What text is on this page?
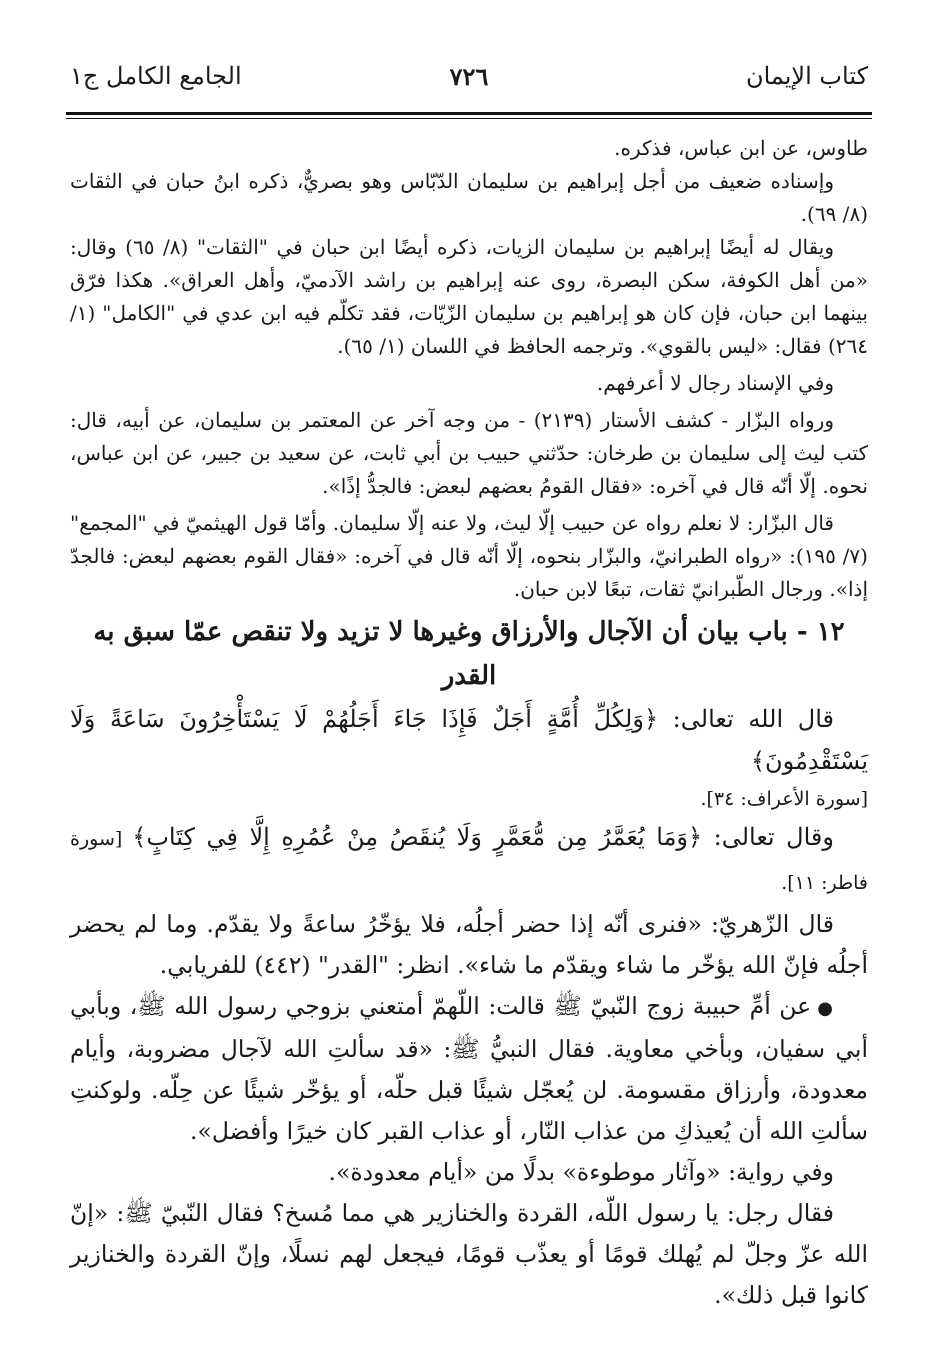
كتاب الإيمان
٧٢٦
الجامع الكامل ج١

طاوس، عن ابن عباس، فذكره.

وإسناده ضعيف من أجل إبراهيم بن سليمان الدّبّاس وهو بصريٌّ، ذكره ابنُ حبان في الثقات (٨/ ٦٩).

ويقال له أيضًا إبراهيم بن سليمان الزيات، ذكره أيضًا ابن حبان في "الثقات" (٨/ ٦٥) وقال: «من أهل الكوفة، سكن البصرة، روى عنه إبراهيم بن راشد الآدميّ، وأهل العراق». هكذا فرّق بينهما ابن حبان، فإن كان هو إبراهيم بن سليمان الزّيّات، فقد تكلّم فيه ابن عدي في "الكامل" (١/ ٢٦٤) فقال: «ليس بالقوي». وترجمه الحافظ في اللسان (١/ ٦٥).

وفي الإسناد رجال لا أعرفهم.

ورواه البزّار - كشف الأستار (٢١٣٩) - من وجه آخر عن المعتمر بن سليمان، عن أبيه، قال: كتب ليث إلى سليمان بن طرخان: حدّثني حبيب بن أبي ثابت، عن سعيد بن جبير، عن ابن عباس، نحوه. إلّا أنّه قال في آخره: «فقال القومُ بعضهم لبعض: فالجدُّ إذًا».

قال البزّار: لا نعلم رواه عن حبيب إلّا ليث، ولا عنه إلّا سليمان. وأمّا قول الهيثميّ في "المجمع" (٧/ ١٩٥): «رواه الطبرانيّ، والبزّار بنحوه، إلّا أنّه قال في آخره: «فقال القوم بعضهم لبعض: فالجدّ إذا». ورجال الطّبرانيّ ثقات، تبعًا لابن حبان.

١٢ - باب بيان أن الآجال والأرزاق وغيرها لا تزيد ولا تنقص عمّا سبق به القدر

قال الله تعالى: ﴿وَلِكُلِّ أُمَّةٍ أَجَلٌ فَإِذَا جَاءَ أَجَلُهُمْ لَا يَسْتَأْخِرُونَ سَاعَةً وَلَا يَسْتَقْدِمُونَ﴾

[سورة الأعراف: ٣٤].

وقال تعالى: ﴿وَمَا يُعَمَّرُ مِن مُّعَمَّرٍ وَلَا يُنقَصُ مِنْ عُمُرِهِ إِلَّا فِي كِتَابٍ﴾ [سورة فاطر: ١١].

قال الزّهريّ: «فنرى أنّه إذا حضر أجلُه، فلا يؤخّرُ ساعةً ولا يقدّم. وما لم يحضر أجلُه فإنّ الله يؤخّر ما شاء ويقدّم ما شاء». انظر: "القدر" (٤٤٢) للفريابي.

●عن أمِّ حبيبة زوج النّبيّ ﷺ قالت: اللّهمّ أمتعني بزوجي رسول الله ﷺ، وبأبي أبي سفيان، وبأخي معاوية. فقال النبيُّ ﷺ: «قد سألتِ الله لآجال مضروبة، وأيام معدودة، وأرزاق مقسومة. لن يُعجّل شيئًا قبل حلّه، أو يؤخّر شيئًا عن حِلّه. ولوكنتِ سألتِ الله أن يُعيذكِ من عذاب النّار، أو عذاب القبر كان خيرًا وأفضل».

وفي رواية: «وآثار موطوءة» بدلًا من «أيام معدودة».

فقال رجل: يا رسول اللّه، القردة والخنازير هي مما مُسخ؟ فقال النّبيّ ﷺ: «إنّ الله عزّ وجلّ لم يُهلك قومًا أو يعذّب قومًا، فيجعل لهم نسلًا، وإنّ القردة والخنازير كانوا قبل ذلك».
